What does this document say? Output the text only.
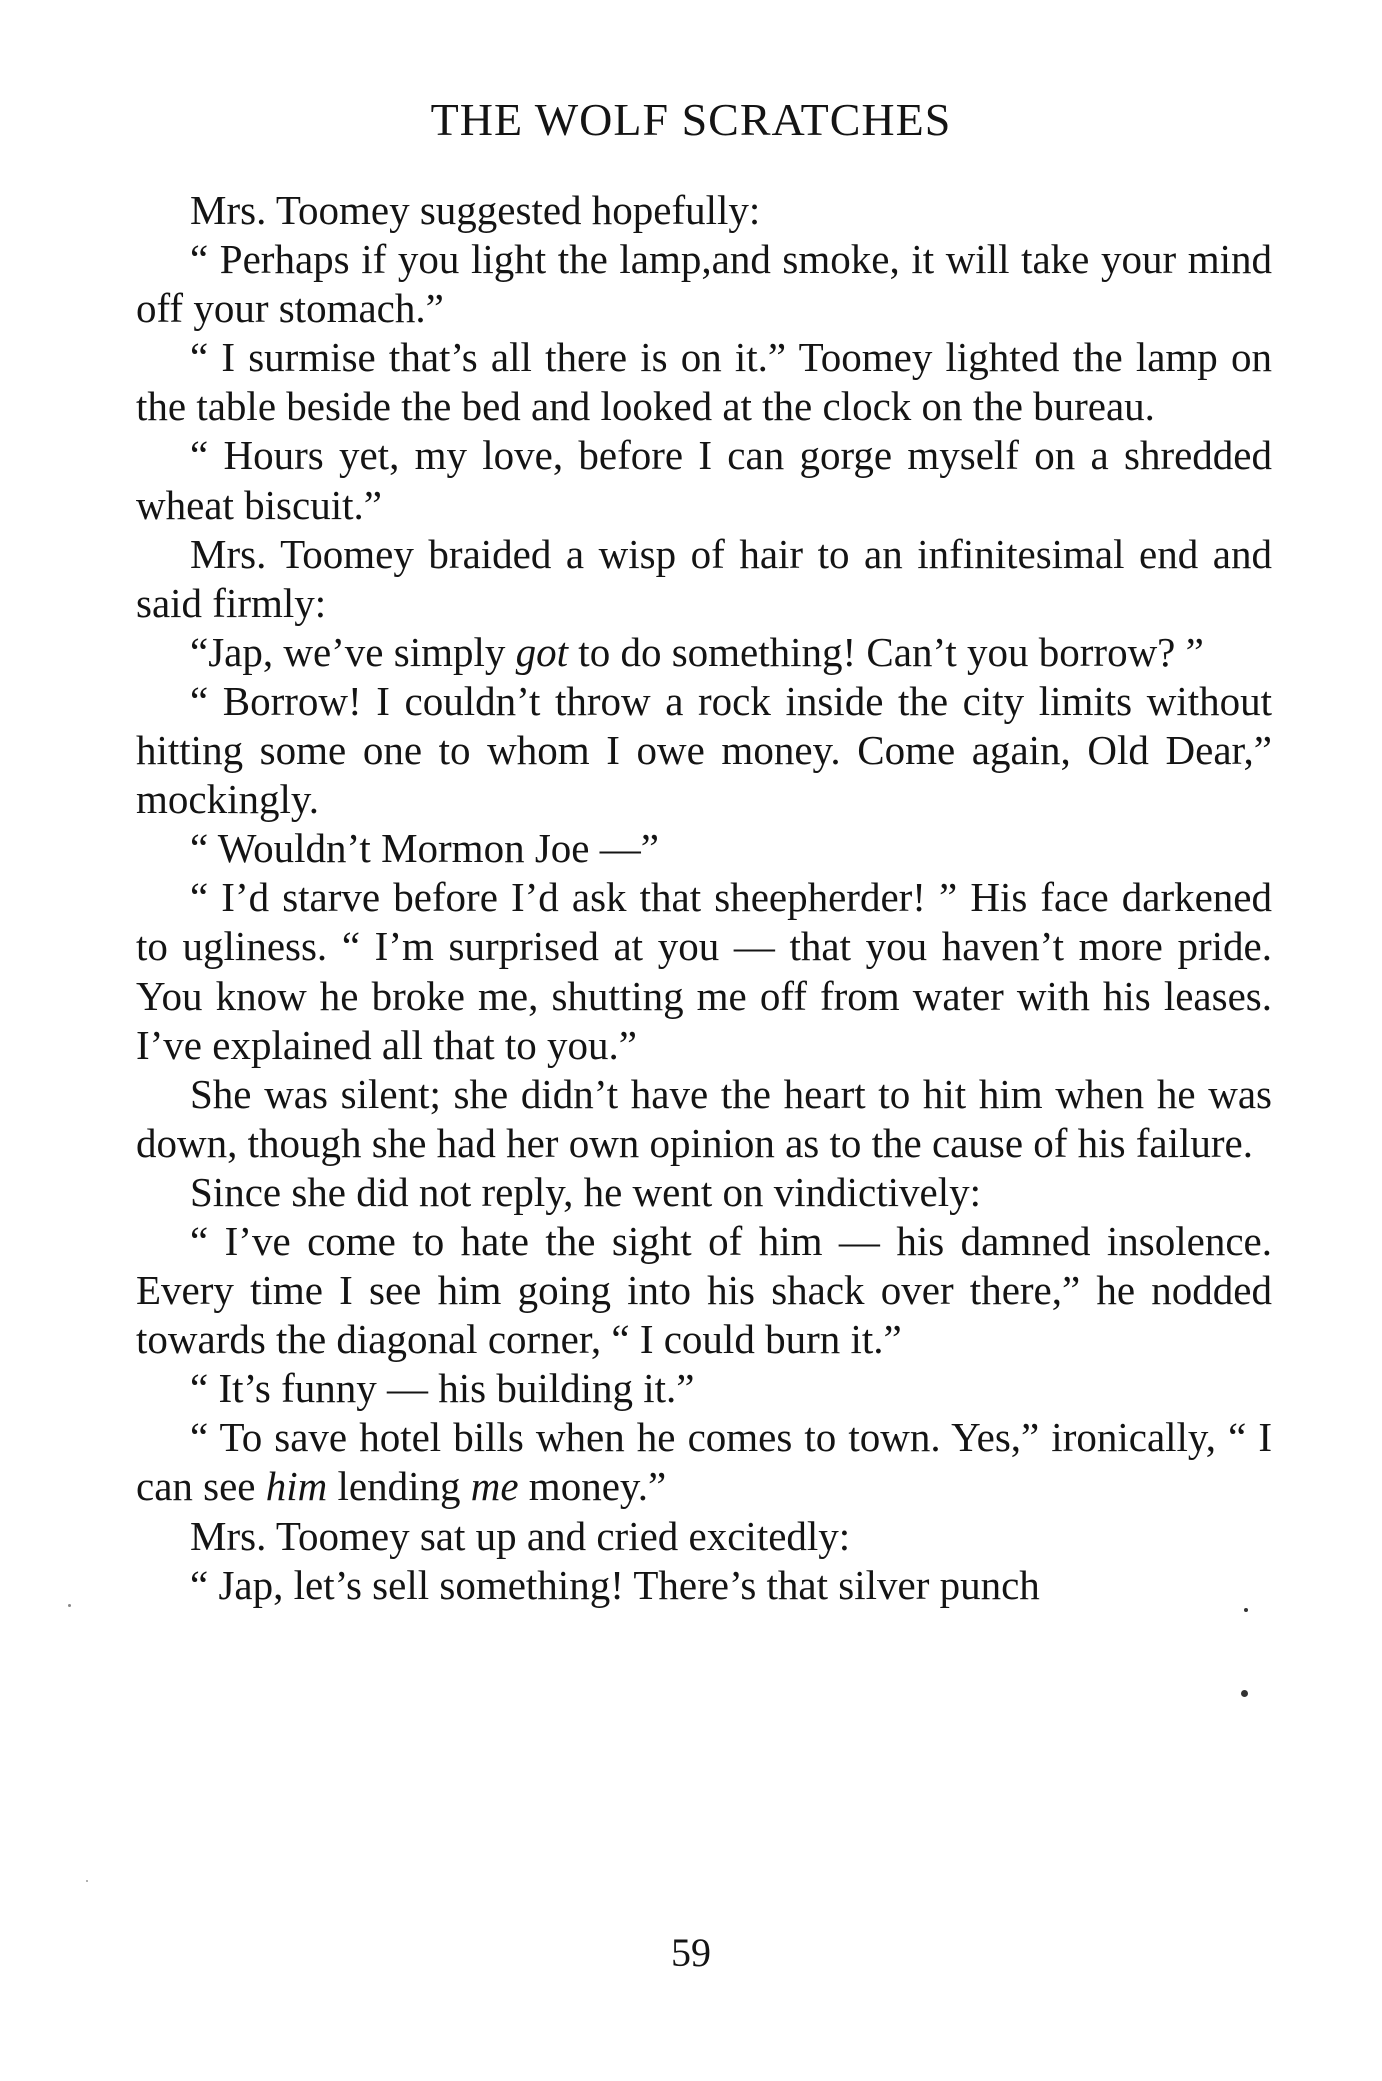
THE WOLF SCRATCHES

Mrs. Toomey suggested hopefully:

“ Perhaps if you light the lamp,and smoke, it will take your mind off your stomach.”

“ I surmise that’s all there is on it.” Toomey lighted the lamp on the table beside the bed and looked at the clock on the bureau.

“ Hours yet, my love, before I can gorge myself on a shredded wheat biscuit.”

Mrs. Toomey braided a wisp of hair to an infinitesimal end and said firmly:

“Jap, we’ve simply got to do something! Can’t you borrow? ”

“ Borrow! I couldn’t throw a rock inside the city limits without hitting some one to whom I owe money. Come again, Old Dear,” mockingly.

“ Wouldn’t Mormon Joe —”

“ I’d starve before I’d ask that sheepherder! ” His face darkened to ugliness. “ I’m surprised at you — that you haven’t more pride. You know he broke me, shutting me off from water with his leases. I’ve explained all that to you.”

She was silent; she didn’t have the heart to hit him when he was down, though she had her own opinion as to the cause of his failure.

Since she did not reply, he went on vindictively:

“ I’ve come to hate the sight of him — his damned insolence. Every time I see him going into his shack over there,” he nodded towards the diagonal corner, “ I could burn it.”

“ It’s funny — his building it.”

“ To save hotel bills when he comes to town. Yes,” ironically, “ I can see him lending me money.”

Mrs. Toomey sat up and cried excitedly:

“ Jap, let’s sell something! There’s that silver punch

59
